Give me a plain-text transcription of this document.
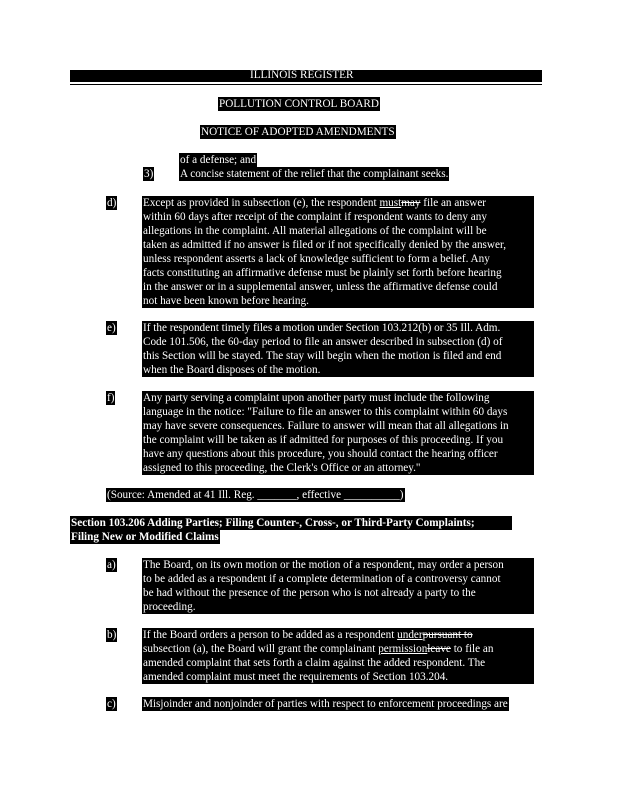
ILLINOIS REGISTER
POLLUTION CONTROL BOARD
NOTICE OF ADOPTED AMENDMENTS
of a defense; and
3) A concise statement of the relief that the complainant seeks.
d) Except as provided in subsection (e), the respondent mustmay file an answer
within 60 days after receipt of the complaint if respondent wants to deny any
allegations in the complaint. All material allegations of the complaint will be
taken as admitted if no answer is filed or if not specifically denied by the answer,
unless respondent asserts a lack of knowledge sufficient to form a belief. Any
facts constituting an affirmative defense must be plainly set forth before hearing
in the answer or in a supplemental answer, unless the affirmative defense could
not have been known before hearing.
e) If the respondent timely files a motion under Section 103.212(b) or 35 Ill. Adm.
Code 101.506, the 60-day period to file an answer described in subsection (d) of
this Section will be stayed. The stay will begin when the motion is filed and end
when the Board disposes of the motion.
f)	Any party serving a complaint upon another party must include the following
language in the notice: "Failure to file an answer to this complaint within 60 days
may have severe consequences. Failure to answer will mean that all allegations in
the complaint will be taken as if admitted for purposes of this proceeding. If you
have any questions about this procedure, you should contact the hearing officer
assigned to this proceeding, the Clerk's Office or an attorney."
(Source: Amended at 41 Ill. Reg. _______, effective __________)
Section 103.206 Adding Parties; Filing Counter-, Cross-, or Third-Party Complaints;
Filing New or Modified Claims
a) The Board, on its own motion or the motion of a respondent, may order a person
to be added as a respondent if a complete determination of a controversy cannot
be had without the presence of the person who is not already a party to the
proceeding.
b) If the Board orders a person to be added as a respondent underpursuant to
subsection (a), the Board will grant the complainant permissionleave to file an
amended complaint that sets forth a claim against the added respondent. The
amended complaint must meet the requirements of Section 103.204.
c) Misjoinder and nonjoinder of parties with respect to enforcement proceedings are
